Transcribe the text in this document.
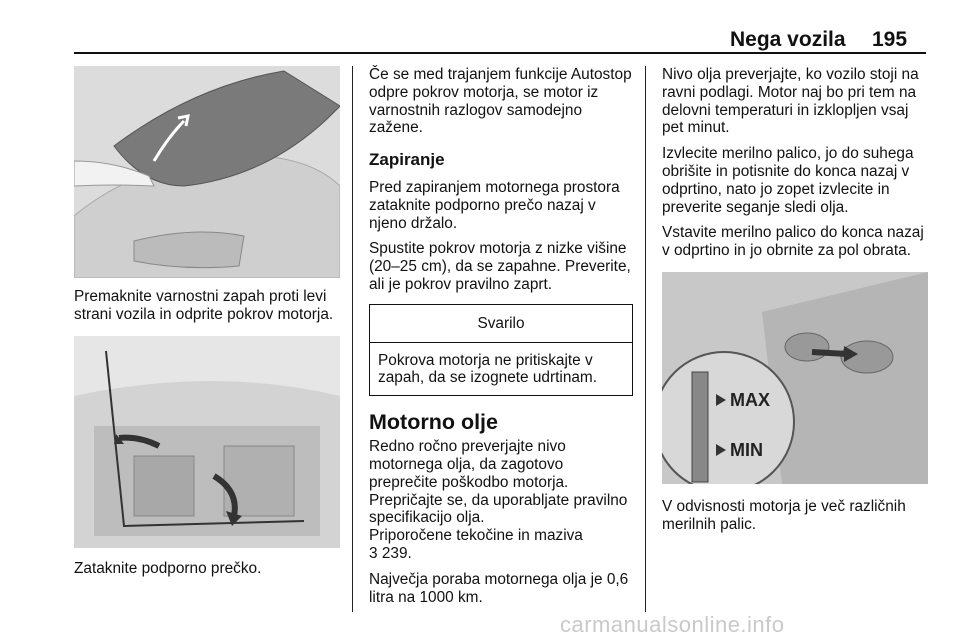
Nega vozila 195

Premaknite varnostni zapah proti levi strani vozila in odprite pokrov motorja.

Zataknite podporno prečko.

Če se med trajanjem funkcije Autostop odpre pokrov motorja, se motor iz varnostnih razlogov samodejno zažene.

Zapiranje

Pred zapiranjem motornega prostora zataknite podporno prečo nazaj v njeno držalo.

Spustite pokrov motorja z nizke višine (20–25 cm), da se zapahne. Preverite, ali je pokrov pravilno zaprt.

Svarilo
Pokrova motorja ne pritiskajte v zapah, da se izognete udrtinam.
Motorno olje

Redno ročno preverjajte nivo motornega olja, da zagotovo preprečite poškodbo motorja.

Prepričajte se, da uporabljate pravilno specifikacijo olja.

Priporočene tekočine in maziva
3 239.

Največja poraba motornega olja je 0,6 litra na 1000 km.

Nivo olja preverjajte, ko vozilo stoji na ravni podlagi. Motor naj bo pri tem na delovni temperaturi in izklopljen vsaj pet minut.

Izvlecite merilno palico, jo do suhega obrišite in potisnite do konca nazaj v odprtino, nato jo zopet izvlecite in preverite seganje sledi olja.

Vstavite merilno palico do konca nazaj v odprtino in jo obrnite za pol obrata.

MAX
MIN

V odvisnosti motorja je več različnih merilnih palic.

carmanualsonline.info
